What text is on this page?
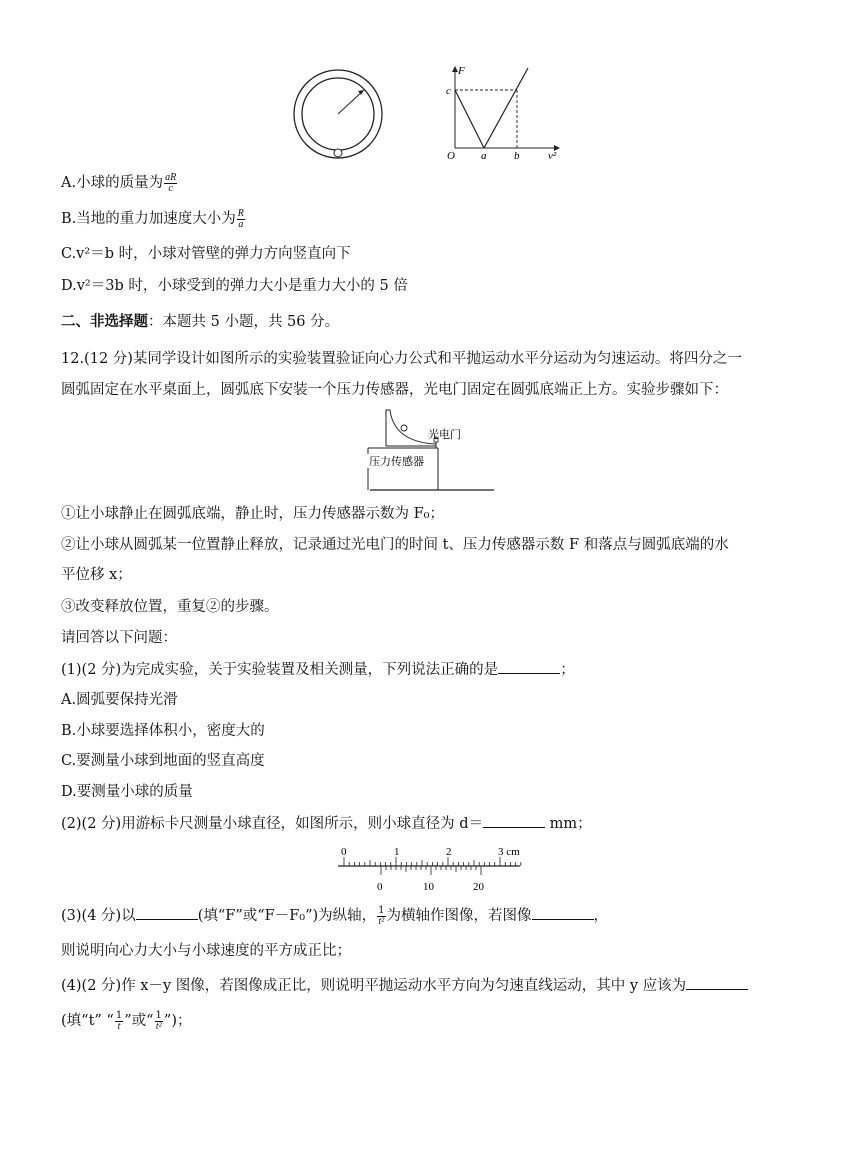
F
c
O a	b	v²
A.小球的质量为 $\frac{aR}{c}$
B.当地的重力加速度大小为 $\frac{R}{a}$
C.v²＝b 时，小球对管壁的弹力方向竖直向下
D.v²＝3b 时，小球受到的弹力大小是重力大小的 5 倍
二、非选择题：本题共 5 小题，共 56 分。
12.(12 分)某同学设计如图所示的实验装置验证向心力公式和平抛运动水平分运动为匀速运动。将四分之一
圆弧固定在水平桌面上，圆弧底下安装一个压力传感器，光电门固定在圆弧底端正上方。实验步骤如下：
光电门
压力传感器
①让小球静止在圆弧底端，静止时，压力传感器示数为 F₀；
②让小球从圆弧某一位置静止释放，记录通过光电门的时间 t、压力传感器示数 F 和落点与圆弧底端的水
平位移 x；
③改变释放位置，重复②的步骤。
请回答以下问题：
(1)(2 分)为完成实验，关于实验装置及相关测量，下列说法正确的是	；
A.圆弧要保持光滑
B.小球要选择体积小，密度大的
C.要测量小球到地面的竖直高度
D.要测量小球的质量
(2)(2 分)用游标卡尺测量小球直径，如图所示，则小球直径为 d＝	mm；
0	1	2	3 cm
0	10	20
(3)(4 分)以	(填“F”或“F－F₀”)为纵轴， $\frac{1}{\text{t²}}$ 为横轴作图像，若图像	，
则说明向心力大小与小球速度的平方成正比；
(4)(2 分)作 x－y 图像，若图像成正比，则说明平抛运动水平方向为匀速直线运动，其中 y 应该为
(填“t” “ $\frac{1}{t}$ ”或“ $\frac{1}{\text{t²}}$ ”)；
